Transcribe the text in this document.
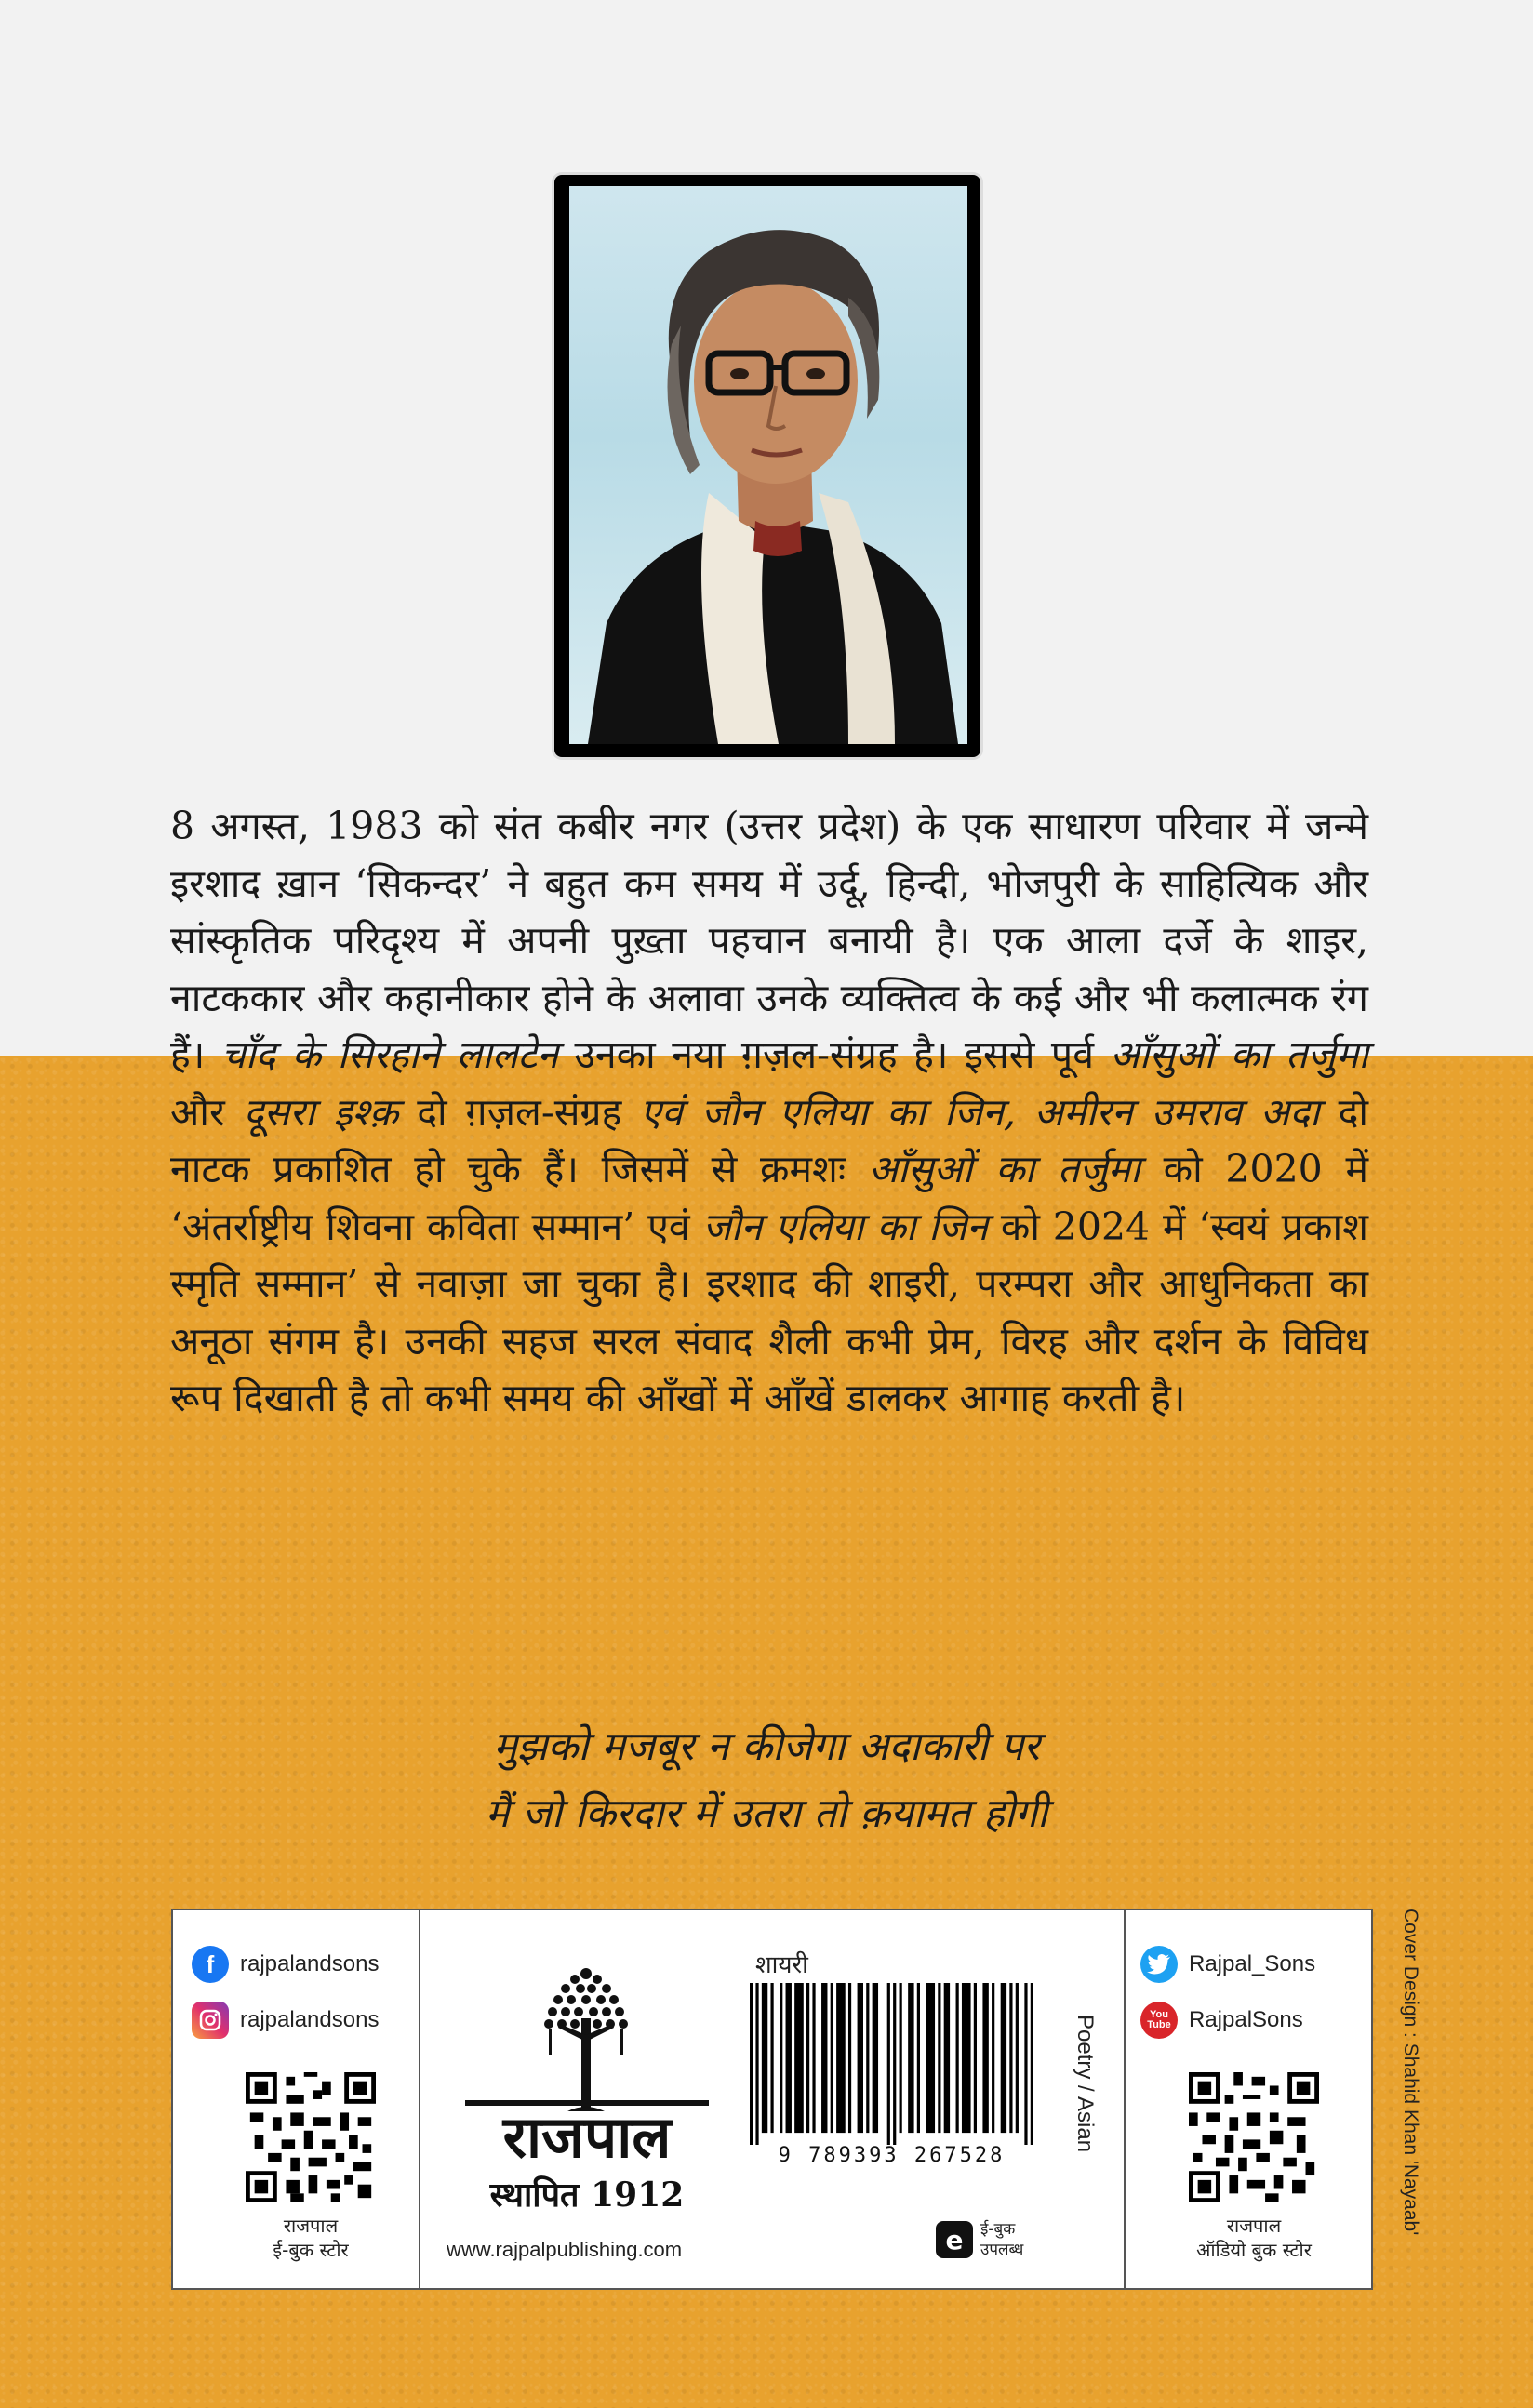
8 अगस्त, 1983 को संत कबीर नगर (उत्तर प्रदेश) के एक साधारण परिवार में जन्मे इरशाद ख़ान ‘सिकन्दर’ ने बहुत कम समय में उर्दू, हिन्दी, भोजपुरी के साहित्यिक और सांस्कृतिक परिदृश्य में अपनी पुख़्ता पहचान बनायी है। एक आला दर्जे के शाइर, नाटककार और कहानीकार होने के अलावा उनके व्यक्तित्व के कई और भी कलात्मक रंग हैं। चाँद के सिरहाने लालटेन उनका नया ग़ज़ल-संग्रह है। इससे पूर्व आँसुओं का तर्जुमा और दूसरा इश्क़ दो ग़ज़ल-संग्रह एवं जौन एलिया का जिन, अमीरन उमराव अदा दो नाटक प्रकाशित हो चुके हैं। जिसमें से क्रमशः आँसुओं का तर्जुमा को 2020 में ‘अंतर्राष्ट्रीय शिवना कविता सम्मान’ एवं जौन एलिया का जिन को 2024 में ‘स्वयं प्रकाश स्मृति सम्मान’ से नवाज़ा जा चुका है। इरशाद की शाइरी, परम्परा और आधुनिकता का अनूठा संगम है। उनकी सहज सरल संवाद शैली कभी प्रेम, विरह और दर्शन के विविध रूप दिखाती है तो कभी समय की आँखों में आँखें डालकर आगाह करती है।

मुझको मजबूर न कीजेगा अदाकारी पर
मैं जो किरदार में उतरा तो क़यामत होगी
f	rajpalandsons
rajpalandsons
राजपाल
ई-बुक स्टोर
राजपाल
स्थापित 1912
www.rajpalpublishing.com
शायरी
9 789393 267528
Poetry / Asian
e	ई-बुक
उपलब्ध
Rajpal_Sons
You Tube RajpalSons
राजपाल
ऑडियो बुक स्टोर
Cover Design : Shahid Khan 'Nayaab'
